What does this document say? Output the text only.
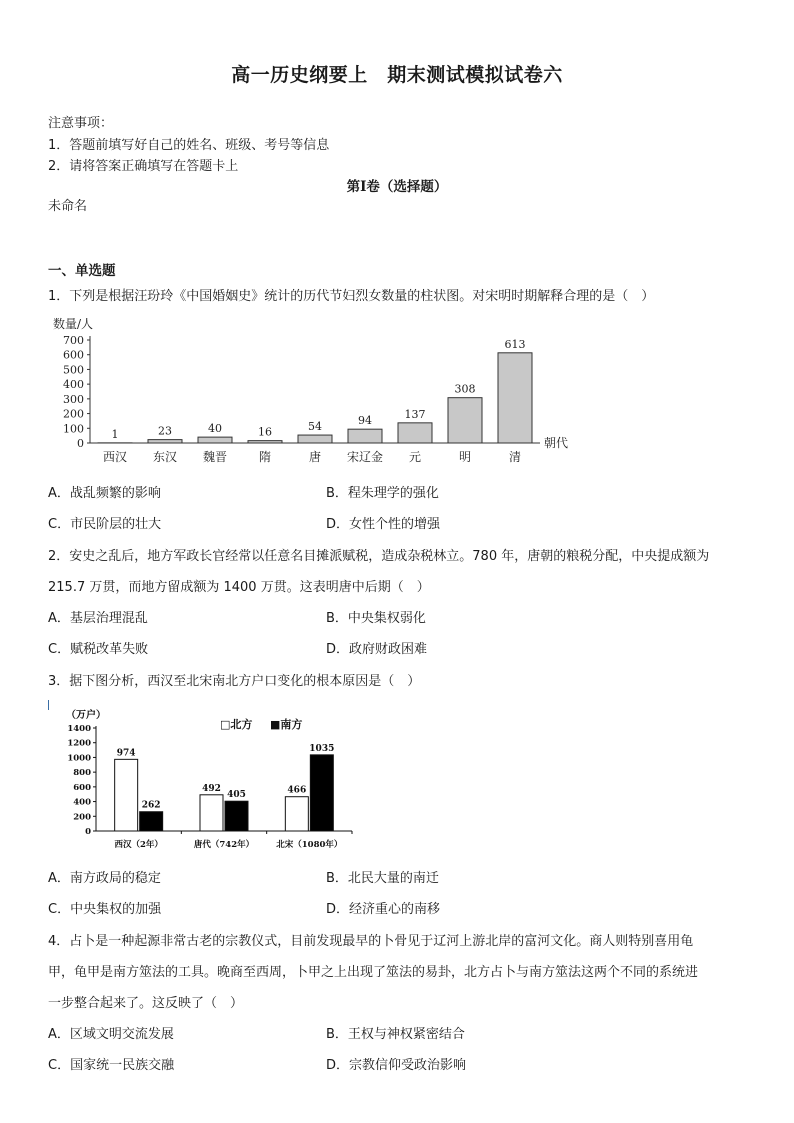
高一历史纲要上　期末测试模拟试卷六
注意事项：
1．答题前填写好自己的姓名、班级、考号等信息
2．请将答案正确填写在答题卡上
第I卷（选择题）
未命名
一、单选题
1．下列是根据汪玢玲《中国婚姻史》统计的历代节妇烈女数量的柱状图。对宋明时期解释合理的是（　）
数量/人
0
100
200
300
400
500
600
700
1
西汉
23
东汉
40
魏晋
16
隋
54
唐
94
宋辽金
137
元
308
明
613
清
朝代
A．战乱频繁的影响	B．程朱理学的强化
C．市民阶层的壮大	D．女性个性的增强
2．安史之乱后，地方军政长官经常以任意名目摊派赋税，造成杂税林立。780 年，唐朝的粮税分配，中央提成额为
215.7 万贯，而地方留成额为 1400 万贯。这表明唐中后期（　）
A．基层治理混乱	B．中央集权弱化
C．赋税改革失败	D．政府财政困难
3．据下图分析，西汉至北宋南北方户口变化的根本原因是（　）
（万户）
□北方 ■南方
0
200
400
600
800
1000
1200
1400
974
262
西汉（2年）
492
405
唐代（742年）
466
1035
北宋（1080年）
A．南方政局的稳定	B．北民大量的南迁
C．中央集权的加强	D．经济重心的南移
4．占卜是一种起源非常古老的宗教仪式，目前发现最早的卜骨见于辽河上游北岸的富河文化。商人则特别喜用龟
甲，龟甲是南方筮法的工具。晚商至西周，卜甲之上出现了筮法的易卦，北方占卜与南方筮法这两个不同的系统进
一步整合起来了。这反映了（　）
A．区域文明交流发展	B．王权与神权紧密结合
C．国家统一民族交融	D．宗教信仰受政治影响
